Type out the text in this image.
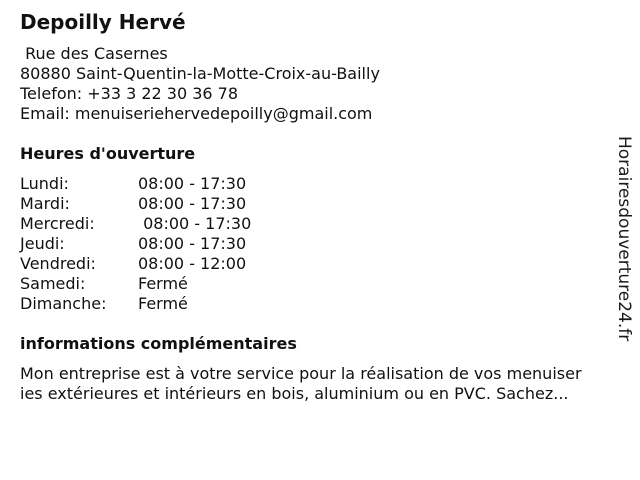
Depoilly Hervé
Rue des Casernes
80880 Saint-Quentin-la-Motte-Croix-au-Bailly
Telefon: +33 3 22 30 36 78
Email: menuiseriehervedepoilly@gmail.com
Heures d'ouverture
Lundi:	08:00 - 17:30
Mardi:	08:00 - 17:30
Mercredi:	08:00 - 17:30
Jeudi:	08:00 - 17:30
Vendredi:	08:00 - 12:00
Samedi:	Fermé
Dimanche: Fermé
informations complémentaires
Mon entreprise est à votre service pour la réalisation de vos menuiser
ies extérieures et intérieurs en bois, aluminium ou en PVC. Sachez...
Horairesdouverture24.fr
